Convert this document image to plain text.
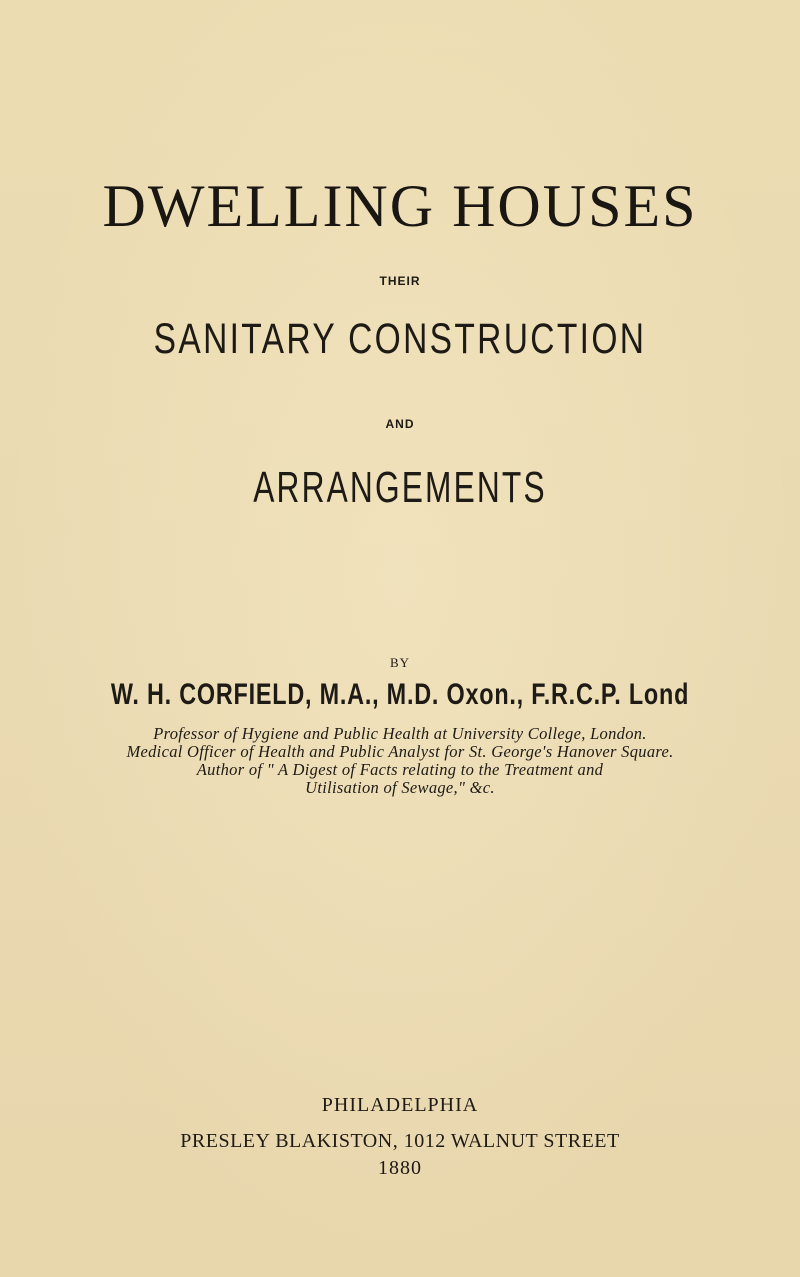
DWELLING HOUSES
THEIR
SANITARY CONSTRUCTION
AND
ARRANGEMENTS
BY
W. H. CORFIELD, M.A., M.D. Oxon., F.R.C.P. Lond
Professor of Hygiene and Public Health at University College, London.
Medical Officer of Health and Public Analyst for St. George's Hanover Square.
Author of " A Digest of Facts relating to the Treatment and
Utilisation of Sewage," &c.
PHILADELPHIA
PRESLEY BLAKISTON, 1012 WALNUT STREET
1880
